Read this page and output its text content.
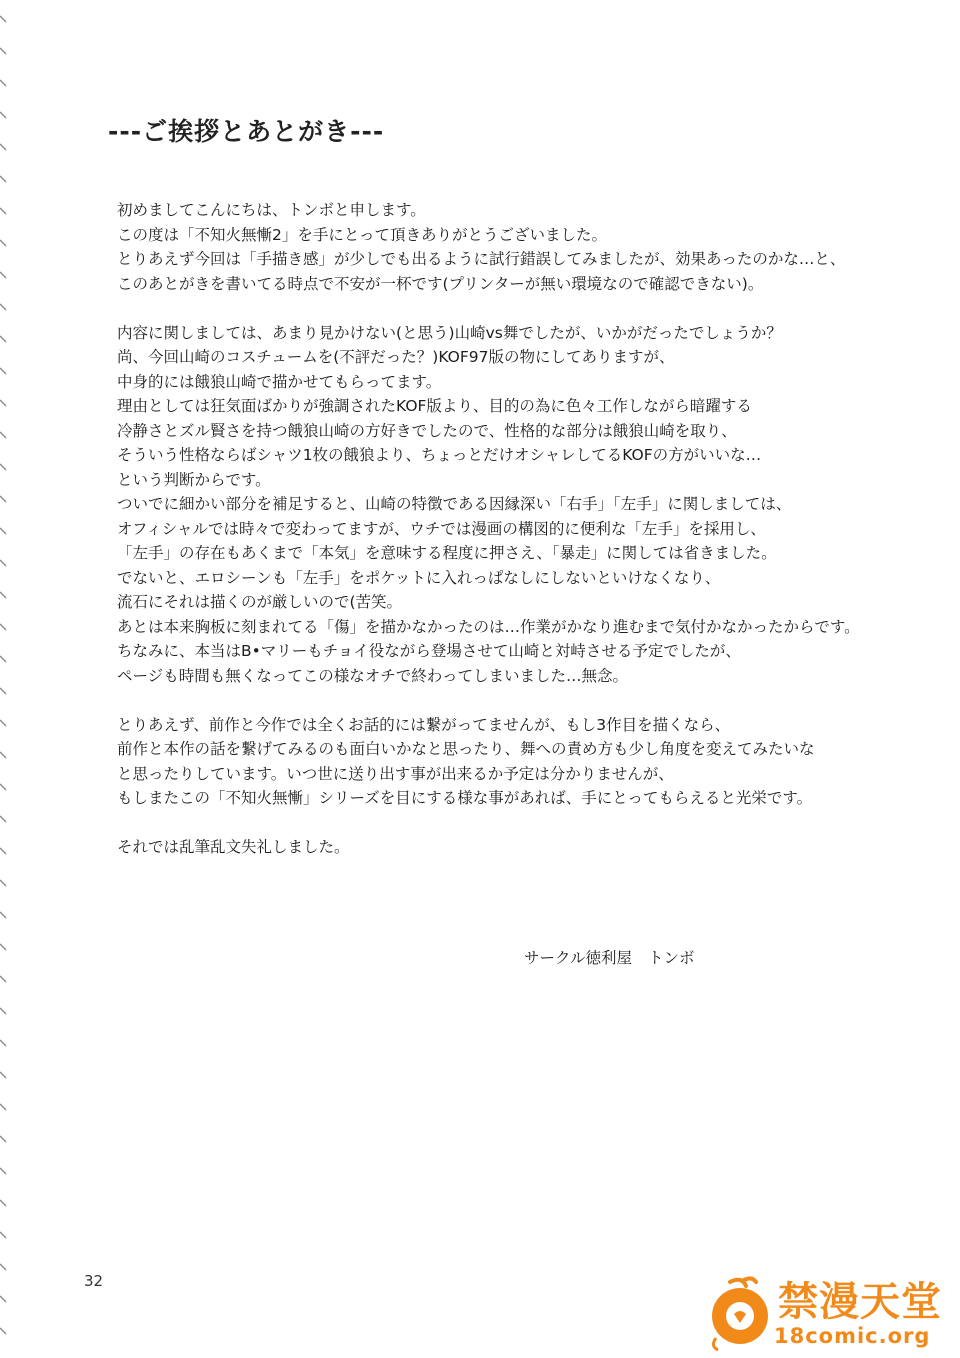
---ご挨拶とあとがき---
初めましてこんにちは、トンボと申します。
この度は「不知火無慚2」を手にとって頂きありがとうございました。
とりあえず今回は「手描き感」が少しでも出るように試行錯誤してみましたが、効果あったのかな…と、
このあとがきを書いてる時点で不安が一杯です(プリンターが無い環境なので確認できない)。
内容に関しましては、あまり見かけない(と思う)山崎vs舞でしたが、いかがだったでしょうか？
尚、今回山崎のコスチュームを(不評だった？)KOF97版の物にしてありますが、
中身的には餓狼山崎で描かせてもらってます。
理由としては狂気面ばかりが強調されたKOF版より、目的の為に色々工作しながら暗躍する
冷静さとズル賢さを持つ餓狼山崎の方好きでしたので、性格的な部分は餓狼山崎を取り、
そういう性格ならばシャツ1枚の餓狼より、ちょっとだけオシャレしてるKOFの方がいいな…
という判断からです。
ついでに細かい部分を補足すると、山崎の特徴である因縁深い「右手」「左手」に関しましては、
オフィシャルでは時々で変わってますが、ウチでは漫画の構図的に便利な「左手」を採用し、
「左手」の存在もあくまで「本気」を意味する程度に押さえ、「暴走」に関しては省きました。
でないと、エロシーンも「左手」をポケットに入れっぱなしにしないといけなくなり、
流石にそれは描くのが厳しいので(苦笑。
あとは本来胸板に刻まれてる「傷」を描かなかったのは…作業がかなり進むまで気付かなかったからです。
ちなみに、本当はB•マリーもチョイ役ながら登場させて山崎と対峙させる予定でしたが、
ページも時間も無くなってこの様なオチで終わってしまいました…無念。
とりあえず、前作と今作では全くお話的には繋がってませんが、もし3作目を描くなら、
前作と本作の話を繋げてみるのも面白いかなと思ったり、舞への責め方も少し角度を変えてみたいな
と思ったりしています。いつ世に送り出す事が出来るか予定は分かりませんが、
もしまたこの「不知火無慚」シリーズを目にする様な事があれば、手にとってもらえると光栄です。
それでは乱筆乱文失礼しました。
サークル徳利屋 トンボ
32	禁漫天堂
18comic.org
